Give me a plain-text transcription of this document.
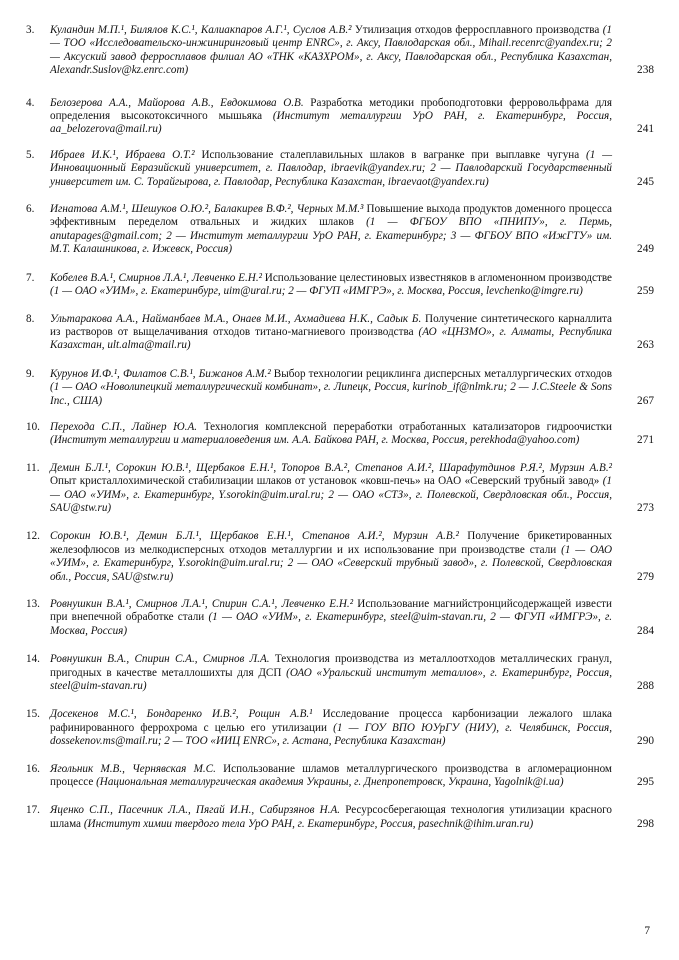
3.	Куландин М.П.¹, Билялов К.С.¹, Калиакпаров А.Г.¹, Суслов А.В.² Утилизация отходов ферросплавного производства (1 — ТОО «Исследовательско-инжиниринговый центр ENRC», г. Аксу, Павлодарская обл., Mihail.recenrc@yandex.ru; 2 — Аксуский завод ферросплавов филиал АО «ТНК «КАЗХРОМ», г. Аксу, Павлодарская обл., Республика Казахстан, Alexandr.Suslov@kz.enrc.com)	238
4.	Белозерова А.А., Майорова А.В., Евдокимова О.В. Разработка методики пробоподготовки ферровольфрама для определения высокотоксичного мышьяка (Институт металлургии УрО РАН, г. Екатеринбург, Россия, aa_belozerova@mail.ru)	241
5.	Ибраев И.К.¹, Ибраева О.Т.² Использование сталеплавильных шлаков в вагранке при выплавке чугуна (1 — Инновационный Евразийский университет, г. Павлодар, ibraevik@yandex.ru; 2 — Павлодарский Государственный университет им. С. Торайгырова, г. Павлодар, Республика Казахстан, ibraevaot@yandex.ru)	245
6.	Игнатова А.М.¹, Шешуков О.Ю.², Балакирев В.Ф.², Черных М.М.³ Повышение выхода продуктов доменного процесса эффективным переделом отвальных и жидких шлаков (1 — ФГБОУ ВПО «ПНИПУ», г. Пермь, anutapages@gmail.com; 2 — Институт металлургии УрО РАН, г. Екатеринбург; 3 — ФГБОУ ВПО «ИжГТУ» им. М.Т. Калашникова, г. Ижевск, Россия)	249
7.	Кобелев В.А.¹, Смирнов Л.А.¹, Левченко Е.Н.² Использование целестиновых известняков в агломенонном производстве (1 — ОАО «УИМ», г. Екатеринбург, uim@ural.ru; 2 — ФГУП «ИМГРЭ», г. Москва, Россия, levchenko@imgre.ru)	259
8.	Ультаракова А.А., Найманбаев М.А., Онаев М.И., Ахмадиева Н.К., Садык Б. Получение синтетического карналлита из растворов от выщелачивания отходов титано-магниевого производства (АО «ЦНЗМО», г. Алматы, Республика Казахстан, ult.alma@mail.ru)	263
9.	Курунов И.Ф.¹, Филатов С.В.¹, Бижанов А.М.² Выбор технологии рециклинга дисперсных металлургических отходов (1 — ОАО «Новолипецкий металлургический комбинат», г. Липецк, Россия, kurinob_if@nlmk.ru; 2 — J.C.Steele & Sons Inc., США)	267
10. Перехода С.П., Лайнер Ю.А. Технология комплексной переработки отработанных катализаторов гидроочистки (Институт металлургии и материаловедения им. А.А. Байкова РАН, г. Москва, Россия, perekhoda@yahoo.com)	271
11. Демин Б.Л.¹, Сорокин Ю.В.¹, Щербаков Е.Н.¹, Топоров В.А.², Степанов А.И.², Шарафутдинов Р.Я.², Мурзин А.В.² Опыт кристаллохимической стабилизации шлаков от установок «ковш-печь» на ОАО «Северский трубный завод» (1 — ОАО «УИМ», г. Екатеринбург, Y.sorokin@uim.ural.ru; 2 — ОАО «СТЗ», г. Полевской, Свердловская обл., Россия, SAU@stw.ru)	273
12. Сорокин Ю.В.¹, Демин Б.Л.¹, Щербаков Е.Н.¹, Степанов А.И.², Мурзин А.В.² Получение брикетированных железофлюсов из мелкодисперсных отходов металлургии и их использование при производстве стали (1 — ОАО «УИМ», г. Екатеринбург, Y.sorokin@uim.ural.ru; 2 — ОАО «Северский трубный завод», г. Полевской, Свердловская обл., Россия, SAU@stw.ru)	279
13. Ровнушкин В.А.¹, Смирнов Л.А.¹, Спирин С.А.¹, Левченко Е.Н.² Использование магнийстронцийсодержащей извести при внепечной обработке стали (1 — ОАО «УИМ», г. Екатеринбург, steel@uim-stavan.ru, 2 — ФГУП «ИМГРЭ», г. Москва, Россия)	284
14. Ровнушкин В.А., Спирин С.А., Смирнов Л.А. Технология производства из металлоотходов металлических гранул, пригодных в качестве металлошихты для ДСП (ОАО «Уральский институт металлов», г. Екатеринбург, Россия, steel@uim-stavan.ru)	288
15. Досекенов М.С.¹, Бондаренко И.В.², Рощин А.В.¹ Исследование процесса карбонизации лежалого шлака рафинированного феррохрома с целью его утилизации (1 — ГОУ ВПО ЮУрГУ (НИУ), г. Челябинск, Россия, dossekenov.ms@mail.ru; 2 — ТОО «ИИЦ ENRC», г. Астана, Республика Казахстан)	290
16. Ягольник М.В., Чернявская М.С. Использование шламов металлургического производства в агломерационном процессе (Национальная металлургическая академия Украины, г. Днепропетровск, Украина, Yagolnik@i.ua)	295
17. Яценко С.П., Пасечник Л.А., Пягай И.Н., Сабирзянов Н.А. Ресурсосберегающая технология утилизации красного шлама (Институт химии твердого тела УрО РАН, г. Екатеринбург, Россия, pasechnik@ihim.uran.ru)	298
7
